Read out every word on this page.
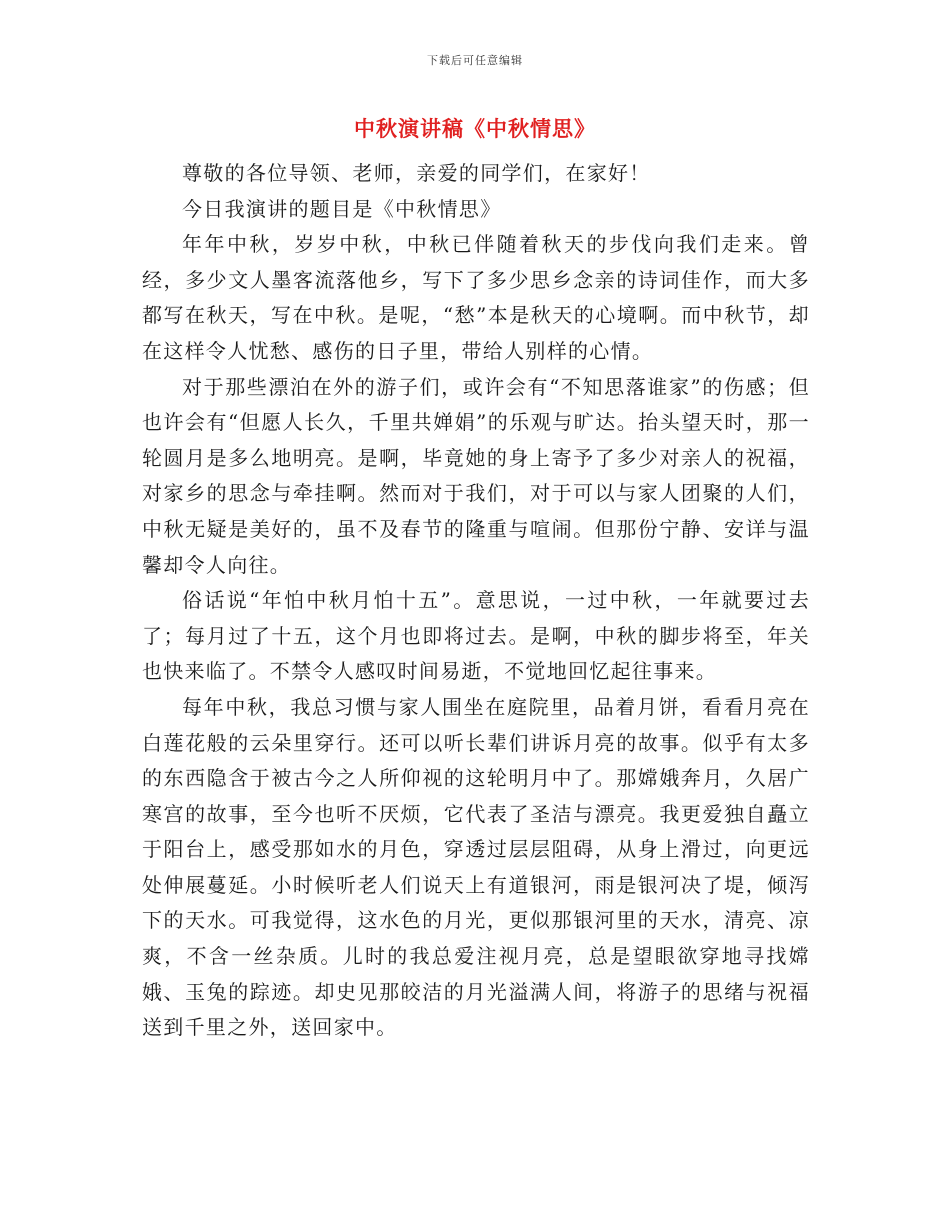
下载后可任意编辑
中秋演讲稿《中秋情思》

尊敬的各位导领、老师，亲爱的同学们，在家好！

今日我演讲的题目是《中秋情思》

年年中秋，岁岁中秋，中秋已伴随着秋天的步伐向我们走来。曾经，多少文人墨客流落他乡，写下了多少思乡念亲的诗词佳作，而大多都写在秋天，写在中秋。是呢，“愁”本是秋天的心境啊。而中秋节，却在这样令人忧愁、感伤的日子里，带给人别样的心情。

对于那些漂泊在外的游子们，或许会有“不知思落谁家”的伤感；但也许会有“但愿人长久，千里共婵娟”的乐观与旷达。抬头望天时，那一轮圆月是多么地明亮。是啊，毕竟她的身上寄予了多少对亲人的祝福，对家乡的思念与牵挂啊。然而对于我们，对于可以与家人团聚的人们，中秋无疑是美好的，虽不及春节的隆重与喧闹。但那份宁静、安详与温馨却令人向往。

俗话说“年怕中秋月怕十五”。意思说，一过中秋，一年就要过去了；每月过了十五，这个月也即将过去。是啊，中秋的脚步将至，年关也快来临了。不禁令人感叹时间易逝，不觉地回忆起往事来。

每年中秋，我总习惯与家人围坐在庭院里，品着月饼，看看月亮在白莲花般的云朵里穿行。还可以听长辈们讲诉月亮的故事。似乎有太多的东西隐含于被古今之人所仰视的这轮明月中了。那嫦娥奔月，久居广寒宫的故事，至今也听不厌烦，它代表了圣洁与漂亮。我更爱独自矗立于阳台上，感受那如水的月色，穿透过层层阻碍，从身上滑过，向更远处伸展蔓延。小时候听老人们说天上有道银河，雨是银河决了堤，倾泻下的天水。可我觉得，这水色的月光，更似那银河里的天水，清亮、凉爽，不含一丝杂质。儿时的我总爱注视月亮，总是望眼欲穿地寻找嫦娥、玉兔的踪迹。却史见那皎洁的月光溢满人间，将游子的思绪与祝福送到千里之外，送回家中。
